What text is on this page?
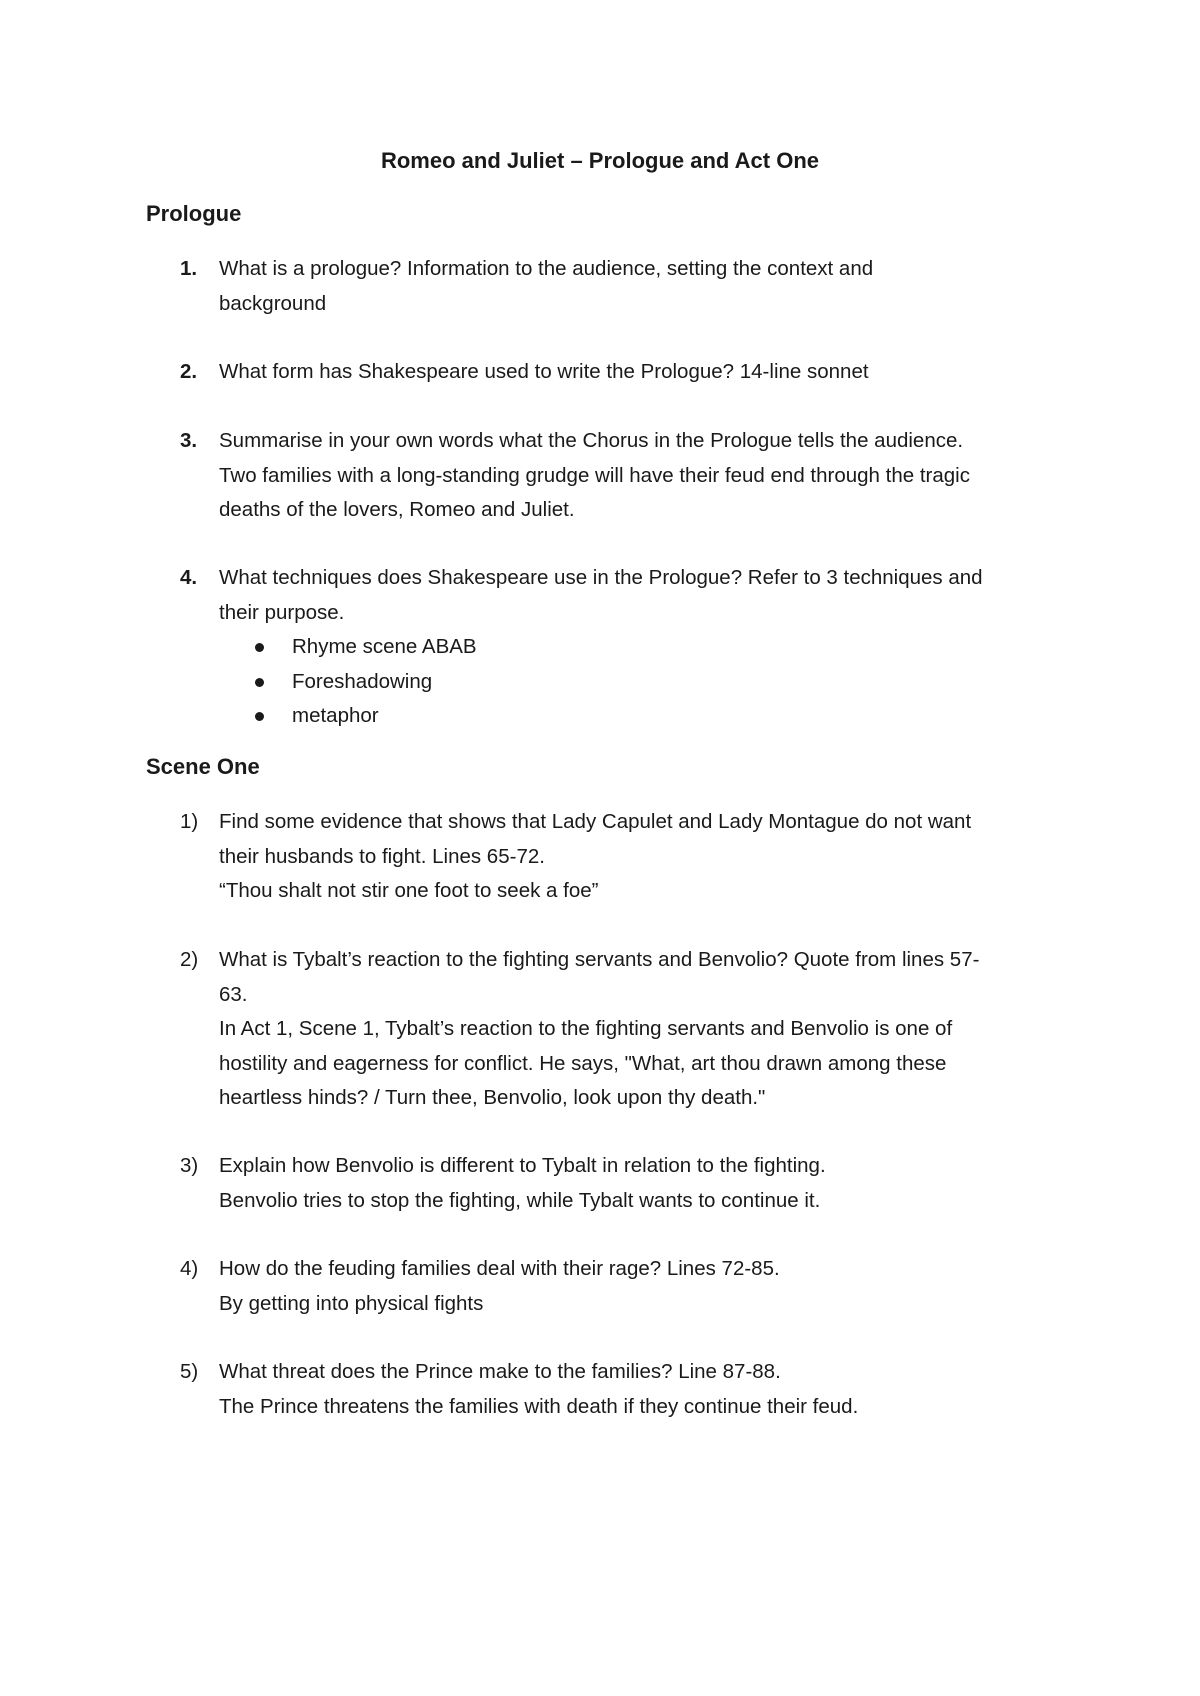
Romeo and Juliet – Prologue and Act One
Prologue
1. What is a prologue? Information to the audience, setting the context and
background
2. What form has Shakespeare used to write the Prologue? 14-line sonnet
3. Summarise in your own words what the Chorus in the Prologue tells the audience.
Two families with a long-standing grudge will have their feud end through the tragic
deaths of the lovers, Romeo and Juliet.
4. What techniques does Shakespeare use in the Prologue? Refer to 3 techniques and
their purpose.
Rhyme scene ABAB
Foreshadowing
metaphor
Scene One
1) Find some evidence that shows that Lady Capulet and Lady Montague do not want
their husbands to fight. Lines 65-72.
“Thou shalt not stir one foot to seek a foe”
2) What is Tybalt’s reaction to the fighting servants and Benvolio? Quote from lines 57-
63.
In Act 1, Scene 1, Tybalt’s reaction to the fighting servants and Benvolio is one of
hostility and eagerness for conflict. He says, "What, art thou drawn among these
heartless hinds? / Turn thee, Benvolio, look upon thy death."
3) Explain how Benvolio is different to Tybalt in relation to the fighting.
Benvolio tries to stop the fighting, while Tybalt wants to continue it.
4) How do the feuding families deal with their rage? Lines 72-85.
By getting into physical fights
5) What threat does the Prince make to the families? Line 87-88.
The Prince threatens the families with death if they continue their feud.
